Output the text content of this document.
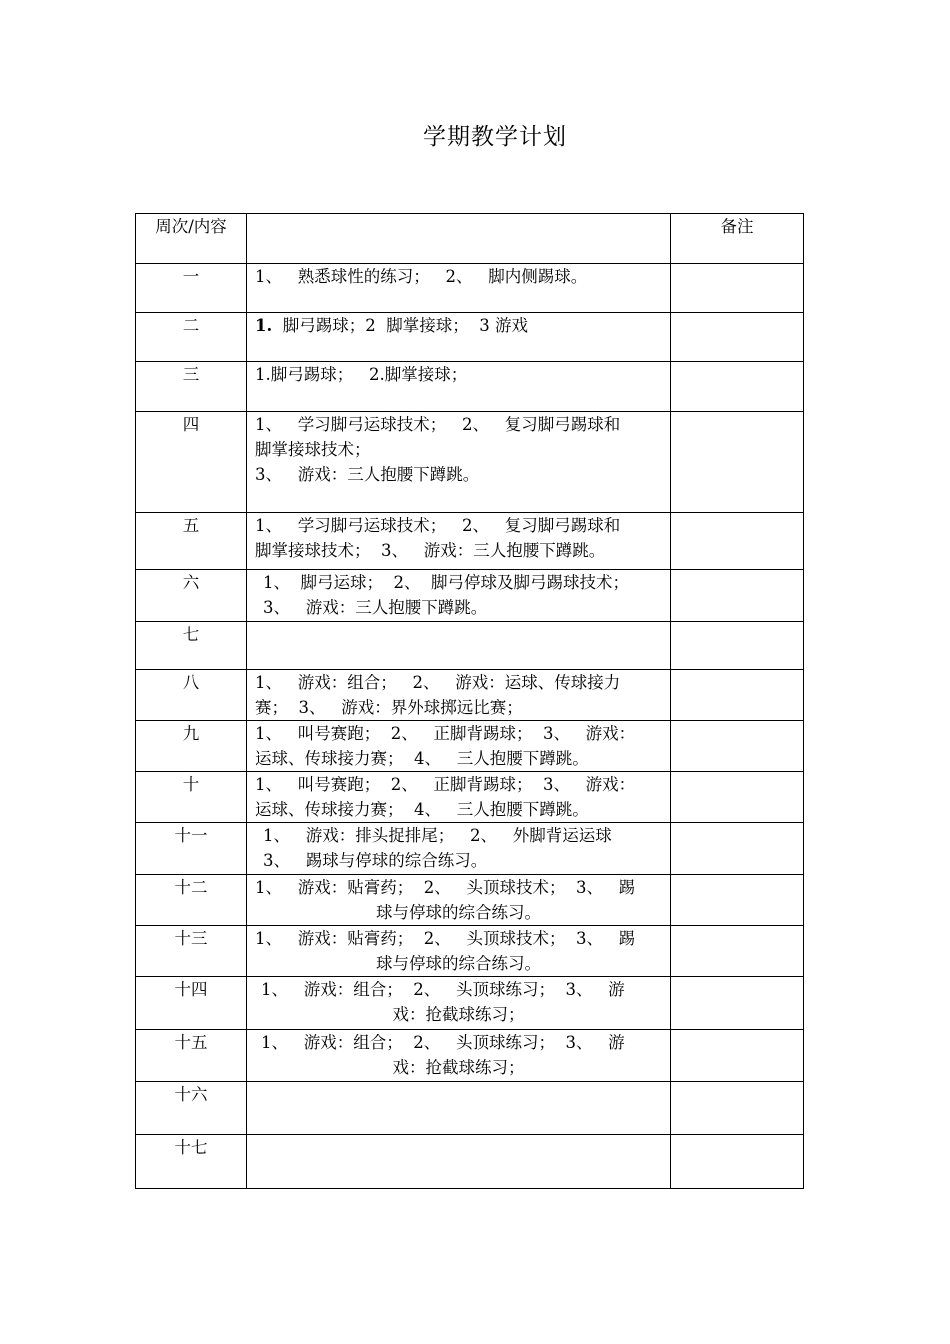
学期教学计划
周次/内容		备注
一	1、   熟悉球性的练习；   2、   脚内侧踢球。	
二	1.  脚弓踢球；2  脚掌接球；  3 游戏	
三	1.脚弓踢球；   2.脚掌接球；	
四	1、   学习脚弓运球技术；   2、   复习脚弓踢球和
脚掌接球技术；
3、   游戏：三人抱腰下蹲跳。	

五	1、   学习脚弓运球技术；   2、   复习脚弓踢球和
脚掌接球技术；  3、   游戏：三人抱腰下蹲跳。	

六	1、  脚弓运球；  2、  脚弓停球及脚弓踢球技术；
3、   游戏：三人抱腰下蹲跳。	

七		
八	1、   游戏：组合；   2、   游戏：运球、传球接力
赛；  3、   游戏：界外球掷远比赛；	

九	1、   叫号赛跑；  2、   正脚背踢球；  3、   游戏：
运球、传球接力赛；  4、   三人抱腰下蹲跳。	

十	1、   叫号赛跑；  2、   正脚背踢球；  3、   游戏：
运球、传球接力赛；  4、   三人抱腰下蹲跳。	

十一	1、   游戏：排头捉排尾；   2、   外脚背运运球
3、   踢球与停球的综合练习。	

十二	1、   游戏：贴膏药；  2、   头顶球技术；  3、   踢
球与停球的综合练习。	

十三	1、   游戏：贴膏药；  2、   头顶球技术；  3、   踢
球与停球的综合练习。	

十四	1、   游戏：组合；  2、   头顶球练习；  3、   游
戏：抢截球练习；	

十五	1、   游戏：组合；  2、   头顶球练习；  3、   游
戏：抢截球练习；	

十六		
十七		
